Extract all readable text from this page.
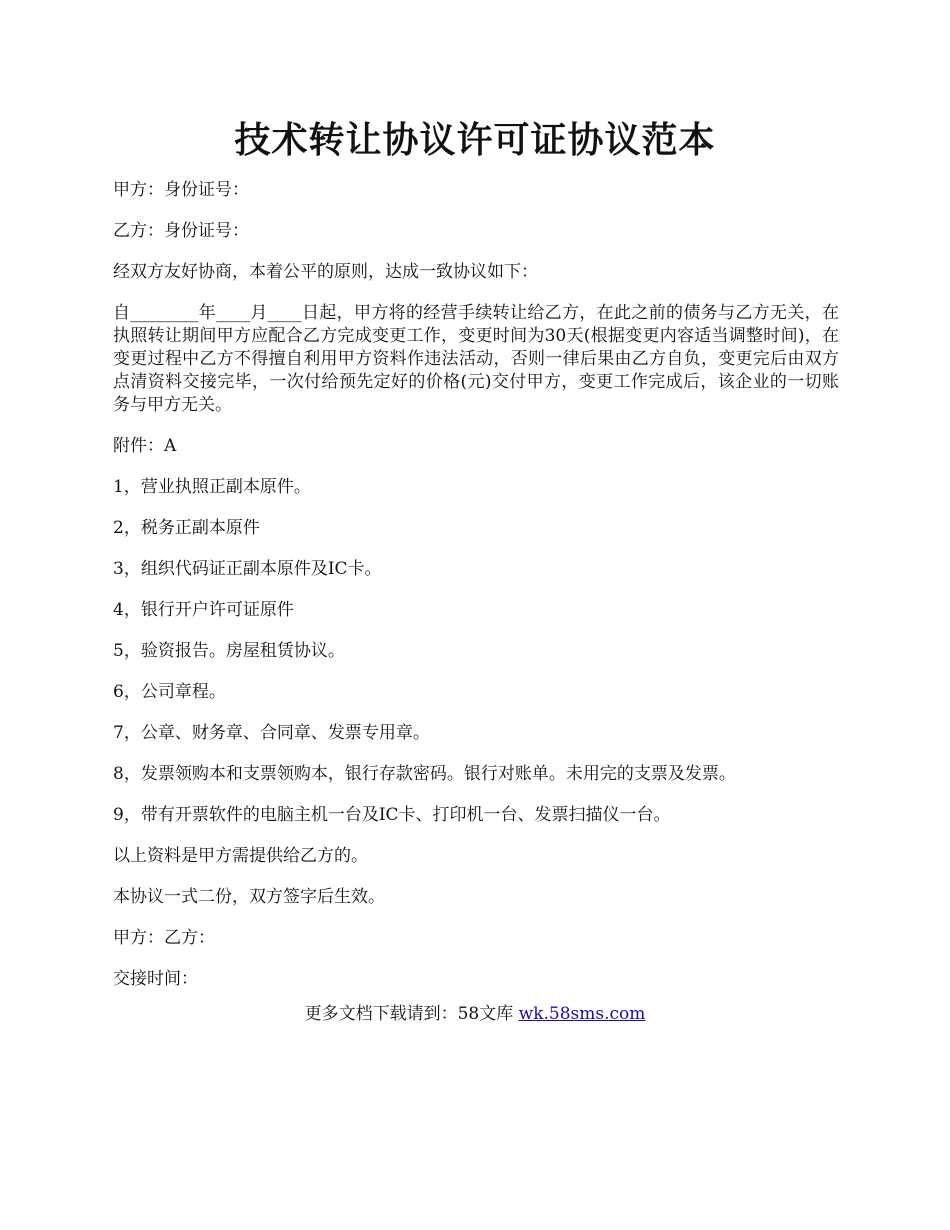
技术转让协议许可证协议范本

甲方：身份证号：

乙方：身份证号：

经双方友好协商，本着公平的原则，达成一致协议如下：

自________年____月____日起，甲方将的经营手续转让给乙方，在此之前的债务与乙方无关，在执照转让期间甲方应配合乙方完成变更工作，变更时间为30天(根据变更内容适当调整时间)，在变更过程中乙方不得擅自利用甲方资料作违法活动，否则一律后果由乙方自负，变更完后由双方点清资料交接完毕，一次付给预先定好的价格(元)交付甲方，变更工作完成后，该企业的一切账务与甲方无关。

附件：A

1，营业执照正副本原件。

2，税务正副本原件

3，组织代码证正副本原件及IC卡。

4，银行开户许可证原件

5，验资报告。房屋租赁协议。

6，公司章程。

7，公章、财务章、合同章、发票专用章。

8，发票领购本和支票领购本，银行存款密码。银行对账单。未用完的支票及发票。

9，带有开票软件的电脑主机一台及IC卡、打印机一台、发票扫描仪一台。

以上资料是甲方需提供给乙方的。

本协议一式二份，双方签字后生效。

甲方：乙方：

交接时间：

更多文档下载请到：58文库 wk.58sms.com
